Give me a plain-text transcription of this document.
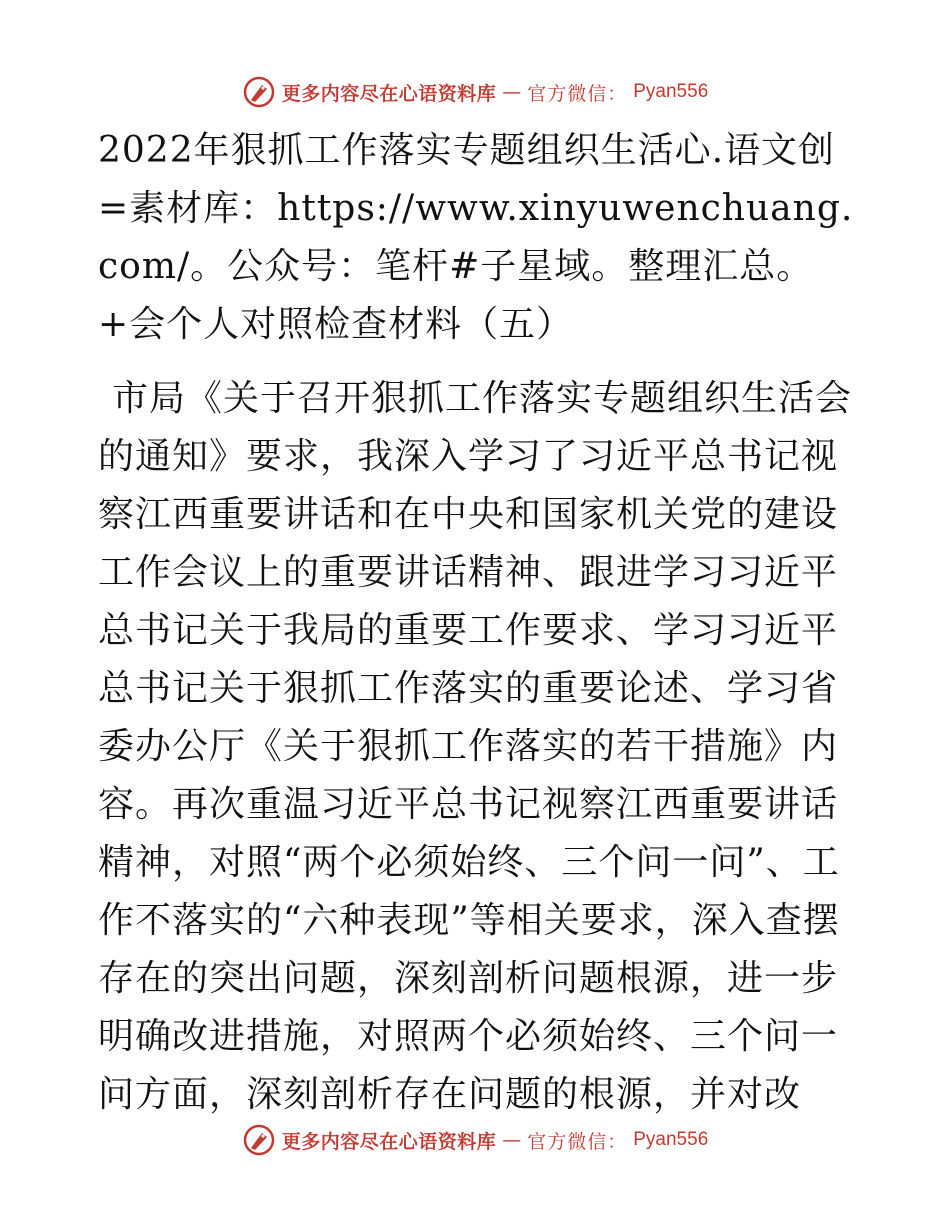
更多内容尽在心语资料库 — 官方微信： Pyan556
2022年狠抓工作落实专题组织生活心.语文创=素材库：https://www.xinyuwenchuang.com/。公众号：笔杆#子星域。整理汇总。+会个人对照检查材料（五）
市局《关于召开狠抓工作落实专题组织生活会的通知》要求，我深入学习了习近平总书记视察江西重要讲话和在中央和国家机关党的建设工作会议上的重要讲话精神、跟进学习习近平总书记关于我局的重要工作要求、学习习近平总书记关于狠抓工作落实的重要论述、学习省委办公厅《关于狠抓工作落实的若干措施》内容。再次重温习近平总书记视察江西重要讲话精神，对照“两个必须始终、三个问一问”、工作不落实的“六种表现”等相关要求，深入查摆存在的突出问题，深刻剖析问题根源，进一步明确改进措施，对照两个必须始终、三个问一问方面，深刻剖析存在问题的根源，并对改
更多内容尽在心语资料库 — 官方微信： Pyan556
